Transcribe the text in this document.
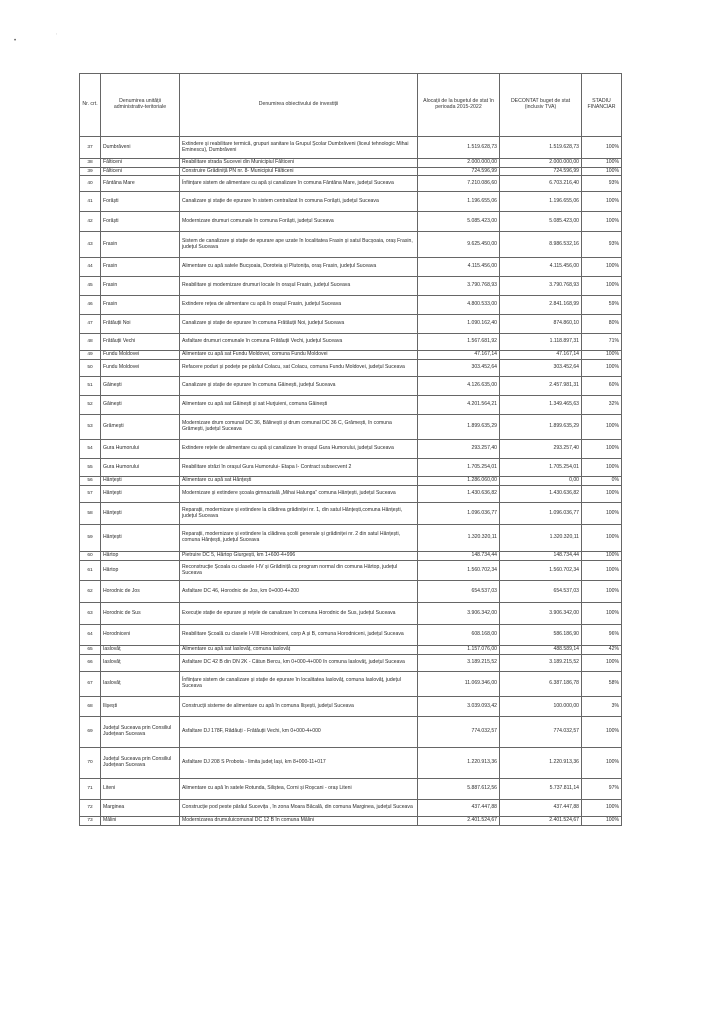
•
,
Nr. crt.	Denumirea unității administrativ-teritoriale	Denumirea obiectivului de investiții	Alocații de la bugetul de stat în perioada 2015-2022	DECONTAT buget de stat (inclusiv TVA)	STADIU FINANCIAR
37	Dumbrăveni	Extindere și reabilitare termică, grupuri sanitare la Grupul Școlar Dumbrăveni (liceul tehnologic Mihai Eminescu), Dumbrăveni	1.519.628,73	1.519.628,73	100%
38	Fălticeni	Reabilitare strada Sucevei din Municipiul Fălticeni	2.000.000,00	2.000.000,00	100%
39	Fălticeni	Construire Grădiniță PN nr. 8- Municipiul Fălticeni	724.596,99	724.596,99	100%
40	Fântâna Mare	Înființare sistem de alimentare cu apă și canalizare în comuna Fântâna Mare, județul Suceava	7.210.086,60	6.703.216,40	93%
41	Forăști	Canalizare și stație de epurare în sistem centralizat în comuna Forăști, județul Suceava	1.196.655,06	1.196.655,06	100%
42	Forăști	Modernizare drumuri comunale în comuna Forăști, județul Suceava	5.085.423,00	5.085.423,00	100%
43	Frasin	Sistem de canalizare și stație de epurare ape uzate în localitatea Frasin și satul Bucșoaia, oraș Frasin, județul Suceava	9.625.450,00	8.986.532,16	93%
44	Frasin	Alimentare cu apă satele Bucșoaia, Doroteia și Plutonița, oraș Frasin, județul Suceava	4.115.456,00	4.115.456,00	100%
45	Frasin	Reabilitare și modernizare drumuri locale în orașul Frasin, județul Suceava	3.790.768,93	3.790.768,93	100%
46	Frasin	Extindere rețea de alimentare cu apă în orașul Frasin, județul Suceava	4.800.533,00	2.841.168,99	59%
47	Frătăuții Noi	Canalizare și stație de epurare în comuna Frătăuții Noi, județul Suceava	1.090.162,40	874.860,10	80%
48	Frătăuții Vechi	Asfaltare drumuri comunale în comuna Frătăuții Vechi, județul Suceava	1.567.681,92	1.118.897,31	71%
49	Fundu Moldovei	Alimentare cu apă sat Fundu Moldovei, comuna Fundu Moldovei	47.167,14	47.167,14	100%
50	Fundu Moldovei	Refacere poduri și podețe pe pârâul Colacu, sat Colacu, comuna Fundu Moldovei, județul Suceava	303.452,64	303.452,64	100%
51	Găinești	Canalizare și stație de epurare în comuna Găinești, județul Suceava	4.126.635,00	2.457.981,31	60%
52	Găinești	Alimentare cu apă sat Găinești și sat Hurjuieni, comuna Găinești	4.201.564,21	1.349.465,63	32%
53	Grămești	Modernizare drum comunal DC 36, Bălinești și drum comunal DC 36 C, Grămești, în comuna Grămești, județul Suceava	1.899.635,29	1.899.635,29	100%
54	Gura Humorului	Extindere rețele de alimentare cu apă și canalizare în orașul Gura Humorului, județul Suceava	293.257,40	293.257,40	100%
55	Gura Humorului	Reabilitare străzi în orașul Gura Humorului- Etapa I- Contract subsecvent 2	1.705.254,01	1.705.254,01	100%
56	Hănțești	Alimentare cu apă sat Hănțești	1.286.060,00	0,00	0%
57	Hănțești	Modernizare și extindere școala gimnazială „Mihai Halunga” comuna Hănțești, județul Suceava	1.430.636,82	1.430.636,82	100%
58	Hănțești	Reparații, modernizare și extindere la clădirea grădiniței nr. 1, din satul Hănțești,comuna Hănțești, județul Suceava	1.096.036,77	1.096.036,77	100%
59	Hănțești	Reparații, modernizare și extindere la clădirea școlii generale și grădiniței nr. 2 din satul Hănțești, comuna Hănțești, județul Suceava	1.320.320,11	1.320.320,11	100%
60	Hârtop	Pietruire DC 5, Hârtop Giurgești, km 1+600-4+996	148.734,44	148.734,44	100%
61	Hârtop	Reconstrucție Școala cu clasele I-IV și Grădiniță cu program normal din comuna Hârtop, județul Suceava	1.560.702,34	1.560.702,34	100%
62	Horodnic de Jos	Asfaltare DC 46, Horodnic de Jos, km 0+000-4+200	654.537,03	654.537,03	100%
63	Horodnic de Sus	Execuție stație de epurare și rețele de canalizare în comuna Horodnic de Sus, județul Suceava	3.906.342,00	3.906.342,00	100%
64	Horodniceni	Reabilitare Școală cu clasele I-VIII Horodniceni, corp A și B, comuna Horodniceni, județul Suceava	608.168,00	586.186,90	96%
65	Iaslovăț	Alimentare cu apă sat Iaslovăț, comuna Iaslovăț	1.157.076,00	488.589,14	42%
66	Iaslovăț	Asfaltare DC 42 B din DN 2K - Cătun Bercu, km 0+000-4+000 în comuna Iaslovăț, județul Suceava	3.189.215,52	3.189.215,52	100%
67	Iaslovăț	Înființare sistem de canalizare și stație de epurare în localitatea Iaslovăț, comuna Iaslovăț, județul Suceava	11.069.346,00	6.387.186,78	58%
68	Ilișești	Construcții sisteme de alimentare cu apă în comuna Ilișești, județul Suceava	3.039.093,42	100.000,00	3%
69	Județul Suceava prin Consiliul Județean Suceava	Asfaltare DJ 178F, Rădăuți - Frătăuții Vechi, km 0+000-4+000	774.032,57	774.032,57	100%
70	Județul Suceava prin Consiliul Județean Suceava	Asfaltare DJ 208 S Probota - limita județ Iași, km 8+000-11+017	1.220.913,36	1.220.913,36	100%
71	Liteni	Alimentare cu apă în satele Rotunda, Siliștea, Corni și Roșcani - oraș Liteni	5.887.612,56	5.737.811,14	97%
72	Marginea	Construcție pod peste pârâul Sucevița , în zona Moara Băcală, din comuna Marginea, județul Suceava	437.447,88	437.447,88	100%
73	Mălini	Modernizarea drumuluicomunal DC 12 B în comuna Mălini	2.401.524,67	2.401.524,67	100%
